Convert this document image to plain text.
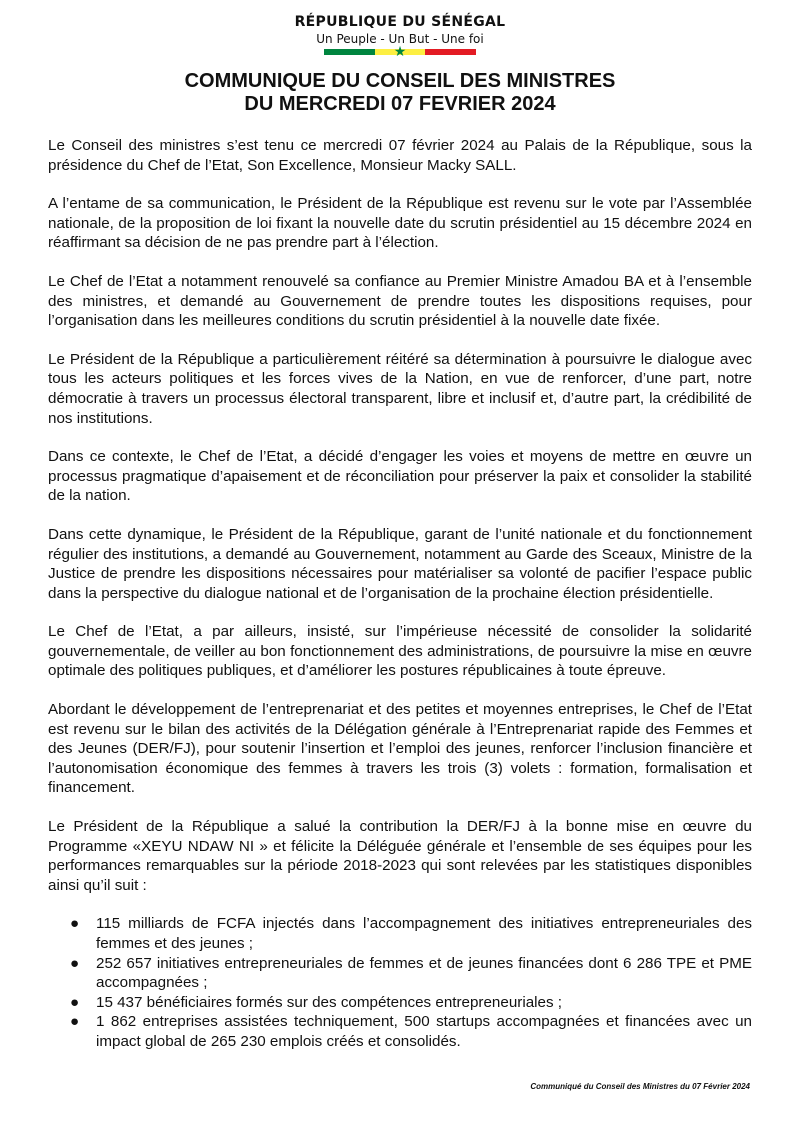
RÉPUBLIQUE DU SÉNÉGAL
Un Peuple - Un But - Une foi
★
COMMUNIQUE DU CONSEIL DES MINISTRES
DU MERCREDI 07 FEVRIER 2024

Le Conseil des ministres s’est tenu ce mercredi 07 février 2024 au Palais de la République, sous la présidence du Chef de l’Etat, Son Excellence, Monsieur Macky SALL.

A l’entame de sa communication, le Président de la République est revenu sur le vote par l’Assemblée nationale, de la proposition de loi fixant la nouvelle date du scrutin présidentiel au 15 décembre 2024 en réaffirmant sa décision de ne pas prendre part à l’élection.

Le Chef de l’Etat a notamment renouvelé sa confiance au Premier Ministre Amadou BA et à l’ensemble des ministres, et demandé au Gouvernement de prendre toutes les dispositions requises, pour l’organisation dans les meilleures conditions du scrutin présidentiel à la nouvelle date fixée.

Le Président de la République a particulièrement réitéré sa détermination à poursuivre le dialogue avec tous les acteurs politiques et les forces vives de la Nation, en vue de renforcer, d’une part, notre démocratie à travers un processus électoral transparent, libre et inclusif et, d’autre part, la crédibilité de nos institutions.

Dans ce contexte, le Chef de l’Etat, a décidé d’engager les voies et moyens de mettre en œuvre un processus pragmatique d’apaisement et de réconciliation pour préserver la paix et consolider la stabilité de la nation.

Dans cette dynamique, le Président de la République, garant de l’unité nationale et du fonctionnement régulier des institutions, a demandé au Gouvernement, notamment au Garde des Sceaux, Ministre de la Justice de prendre les dispositions nécessaires pour matérialiser sa volonté de pacifier l’espace public dans la perspective du dialogue national et de l’organisation de la prochaine élection présidentielle.

Le Chef de l’Etat, a par ailleurs, insisté, sur l’impérieuse nécessité de consolider la solidarité gouvernementale, de veiller au bon fonctionnement des administrations, de poursuivre la mise en œuvre optimale des politiques publiques, et d’améliorer les postures républicaines à toute épreuve.

Abordant le développement de l’entreprenariat et des petites et moyennes entreprises, le Chef de l’Etat est revenu sur le bilan des activités de la Délégation générale à l’Entreprenariat rapide des Femmes et des Jeunes (DER/FJ), pour soutenir l’insertion et l’emploi des jeunes, renforcer l’inclusion financière et l’autonomisation économique des femmes à travers les trois (3) volets : formation, formalisation et financement.

Le Président de la République a salué la contribution la DER/FJ à la bonne mise en œuvre du Programme «XEYU NDAW NI » et félicite la Déléguée générale et l’ensemble de ses équipes pour les performances remarquables sur la période 2018-2023 qui sont relevées par les statistiques disponibles ainsi qu’il suit :

● 115 milliards de FCFA injectés dans l’accompagnement des initiatives entrepreneuriales des femmes et des jeunes ;
● 252 657 initiatives entrepreneuriales de femmes et de jeunes financées dont 6 286 TPE et PME accompagnées ;
● 15 437 bénéficiaires formés sur des compétences entrepreneuriales ;
● 1 862 entreprises assistées techniquement, 500 startups accompagnées et financées avec un impact global de 265 230 emplois créés et consolidés.
Communiqué du Conseil des Ministres du 07 Février 2024
